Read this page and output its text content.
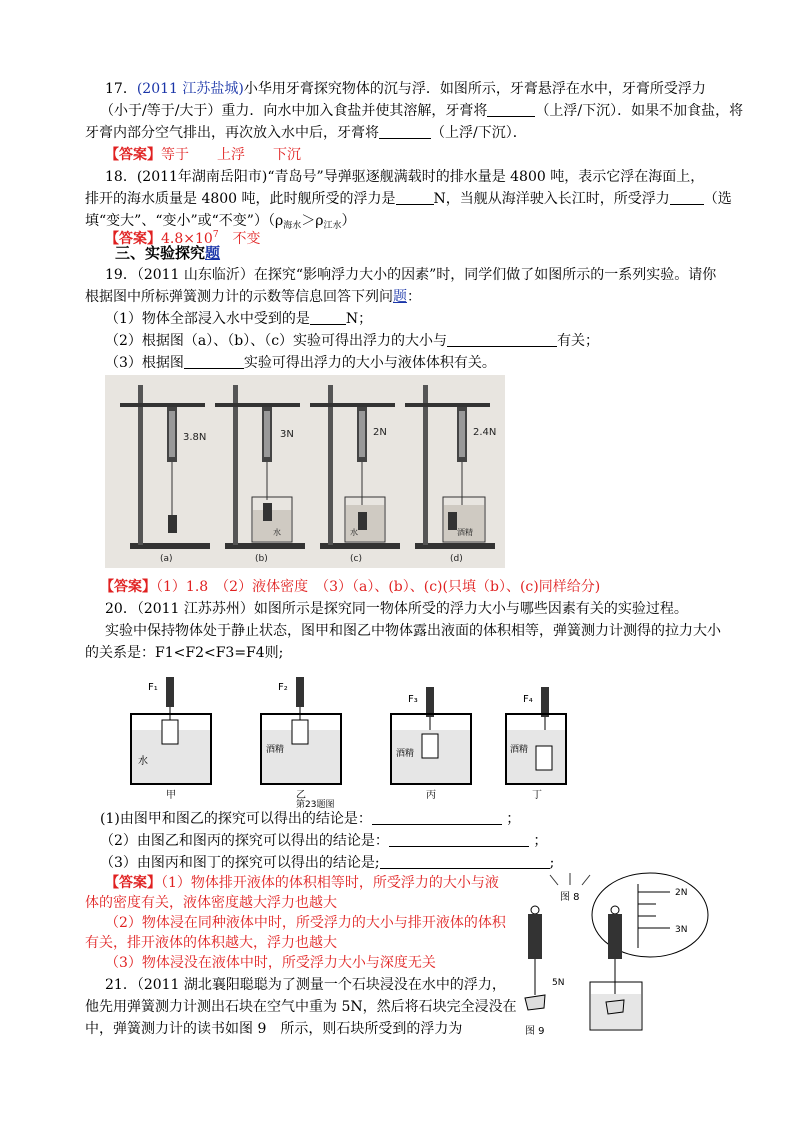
17．(2011 江苏盐城)小华用牙膏探究物体的沉与浮．如图所示，牙膏悬浮在水中，牙膏所受浮力
（小于/等于/大于）重力．向水中加入食盐并使其溶解，牙膏将	（上浮/下沉）．如果不加食盐，将
牙膏内部分空气排出，再次放入水中后，牙膏将	（上浮/下沉）．
【答案】等于　　上浮　　下沉
18．(2011年湖南岳阳市)“青岛号”导弹驱逐舰满载时的排水量是 4800 吨，表示它浮在海面上，
排开的海水质量是 4800 吨，此时舰所受的浮力是	N，当舰从海洋驶入长江时，所受浮力 （选
填“变大”、“变小”或“不变$”)(\rho_{海水}>\rho_{江水})$
【答案】$4.8\times 10^7$　不变
三、实验探究题
19．（2011 山东临沂）在探究“影响浮力大小的因素”时，同学们做了如图所示的一系列实验。请你
根据图中所标弹簧测力计的示数等信息回答下列问题：
（1）物体全部浸入水中受到的是	N；
（2）根据图（a）、（b）、（c）实验可得出浮力的大小与	有关；
（3）根据图	实验可得出浮力的大小与液体体积有关。
3.8N
(a)
3N
水
(b)
2N
水
(c)
2.4N
酒精
(d)
【答案】（1）1.8　（2）液体密度　（3）（a）、(b）、(c)(只填（b）、(c)同样给分)
20．（2011 江苏苏州）如图所示是探究同一物体所受的浮力大小与哪些因素有关的实验过程。
实验中保持物体处于静止状态，图甲和图乙中物体露出液面的体积相等，弹簧测力计测得的拉力大小
的关系是：F1<F2<F3=F4则;
F₁
水
甲
F₂
酒精
乙
F₃
酒精
丙
F₄
酒精
丁
第23题图
(1)由图甲和图乙的探究可以得出的结论是：	；
（2）由图乙和图丙的探究可以得出的结论是：	；
（3）由图丙和图丁的探究可以得出的结论是;	;
【答案】（1）物体排开液体的体积相等时，所受浮力的大小与液
体的密度有关，液体密度越大浮力也越大
（2）物体浸在同种液体中时，所受浮力的大小与排开液体的体积
有关，排开液体的体积越大，浮力也越大
（3）物体浸没在液体中时，所受浮力大小与深度无关
21．（2011 湖北襄阳聪聪为了测量一个石块浸没在水中的浮力，
他先用弹簧测力计测出石块在空气中重为 5N，然后将石块完全浸没在
中，弹簧测力计的读书如图 9　所示，则石块所受到的浮力为
图 8	2N
3N
5N
图 9
